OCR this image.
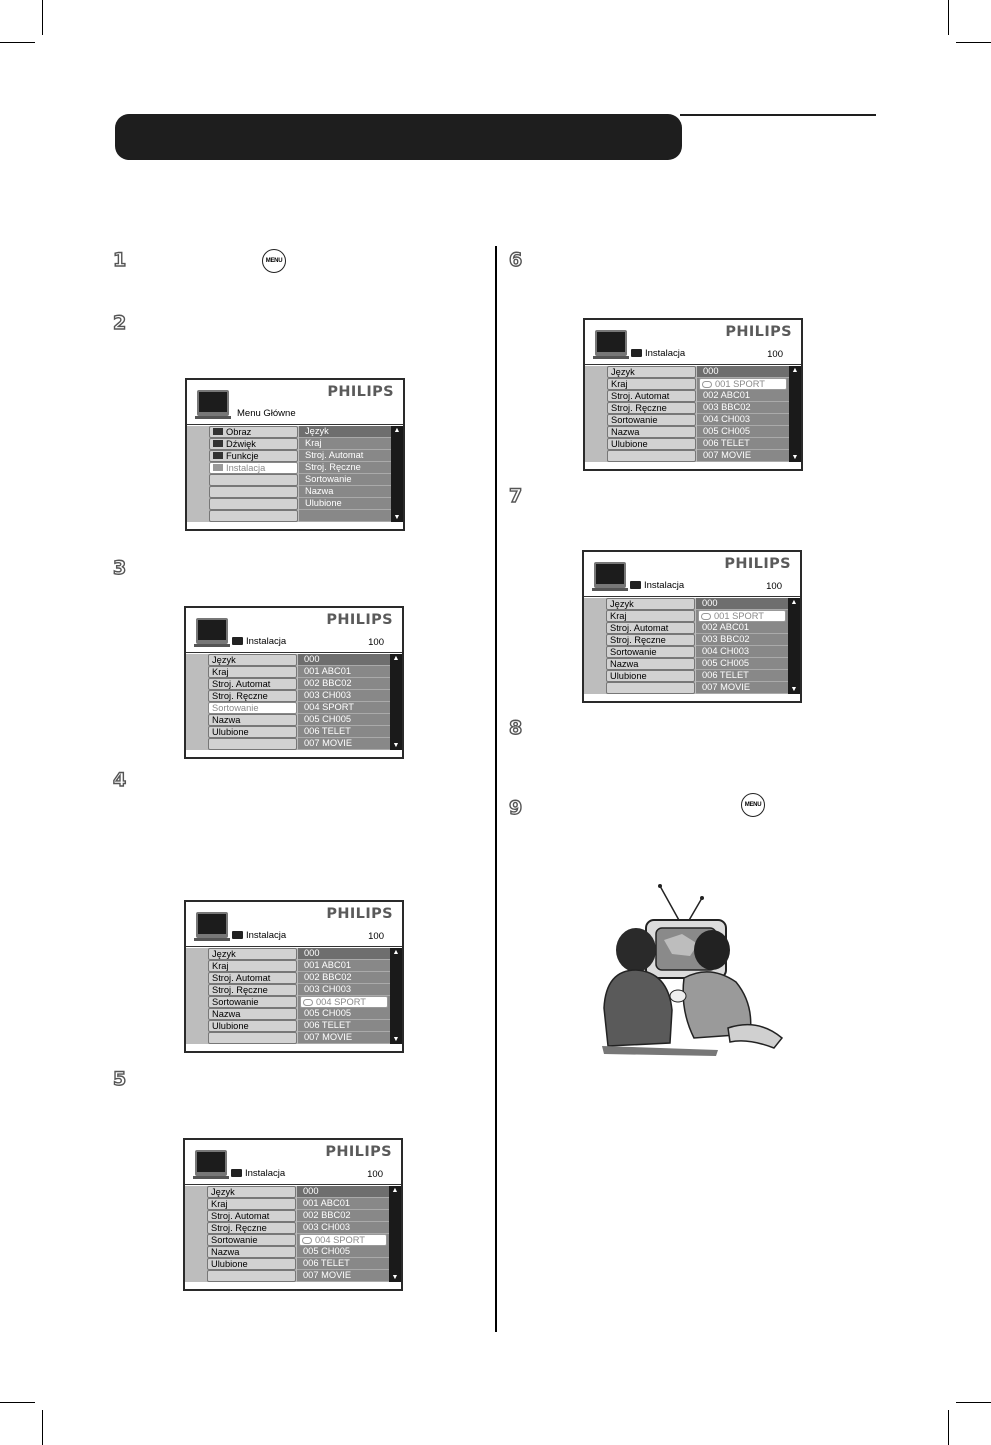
1
2
3
4
5
6
7
8
9
MENU
MENU
PHILIPS
Menu Główne
Obraz
Dźwięk
Funkcje
Instalacja
Język
Kraj
Stroj. Automat
Stroj. Ręczne
Sortowanie
Nazwa
Ulubione
▲
▼
PHILIPS
Instalacja	100
Język
Kraj
Stroj. Automat
Stroj. Ręczne
Sortowanie
Nazwa
Ulubione
000
001 ABC01
002 BBC02
003 CH003
004 SPORT
005 CH005
006 TELET
007 MOVIE
▲
▼
PHILIPS
Instalacja	100
Język
Kraj
Stroj. Automat
Stroj. Ręczne
Sortowanie
Nazwa
Ulubione
000
001 ABC01
002 BBC02
003 CH003
004 SPORT
005 CH005
006 TELET
007 MOVIE
▲
▼
PHILIPS
Instalacja	100
Język
Kraj
Stroj. Automat
Stroj. Ręczne
Sortowanie
Nazwa
Ulubione
000
001 ABC01
002 BBC02
003 CH003
004 SPORT
005 CH005
006 TELET
007 MOVIE
▲
▼
PHILIPS
Instalacja	100
Język
Kraj
Stroj. Automat
Stroj. Ręczne
Sortowanie
Nazwa
Ulubione
000
001 SPORT
002 ABC01
003 BBC02
004 CH003
005 CH005
006 TELET
007 MOVIE
▲
▼
PHILIPS
Instalacja	100
Język
Kraj
Stroj. Automat
Stroj. Ręczne
Sortowanie
Nazwa
Ulubione
000
001 SPORT
002 ABC01
003 BBC02
004 CH003
005 CH005
006 TELET
007 MOVIE
▲
▼
